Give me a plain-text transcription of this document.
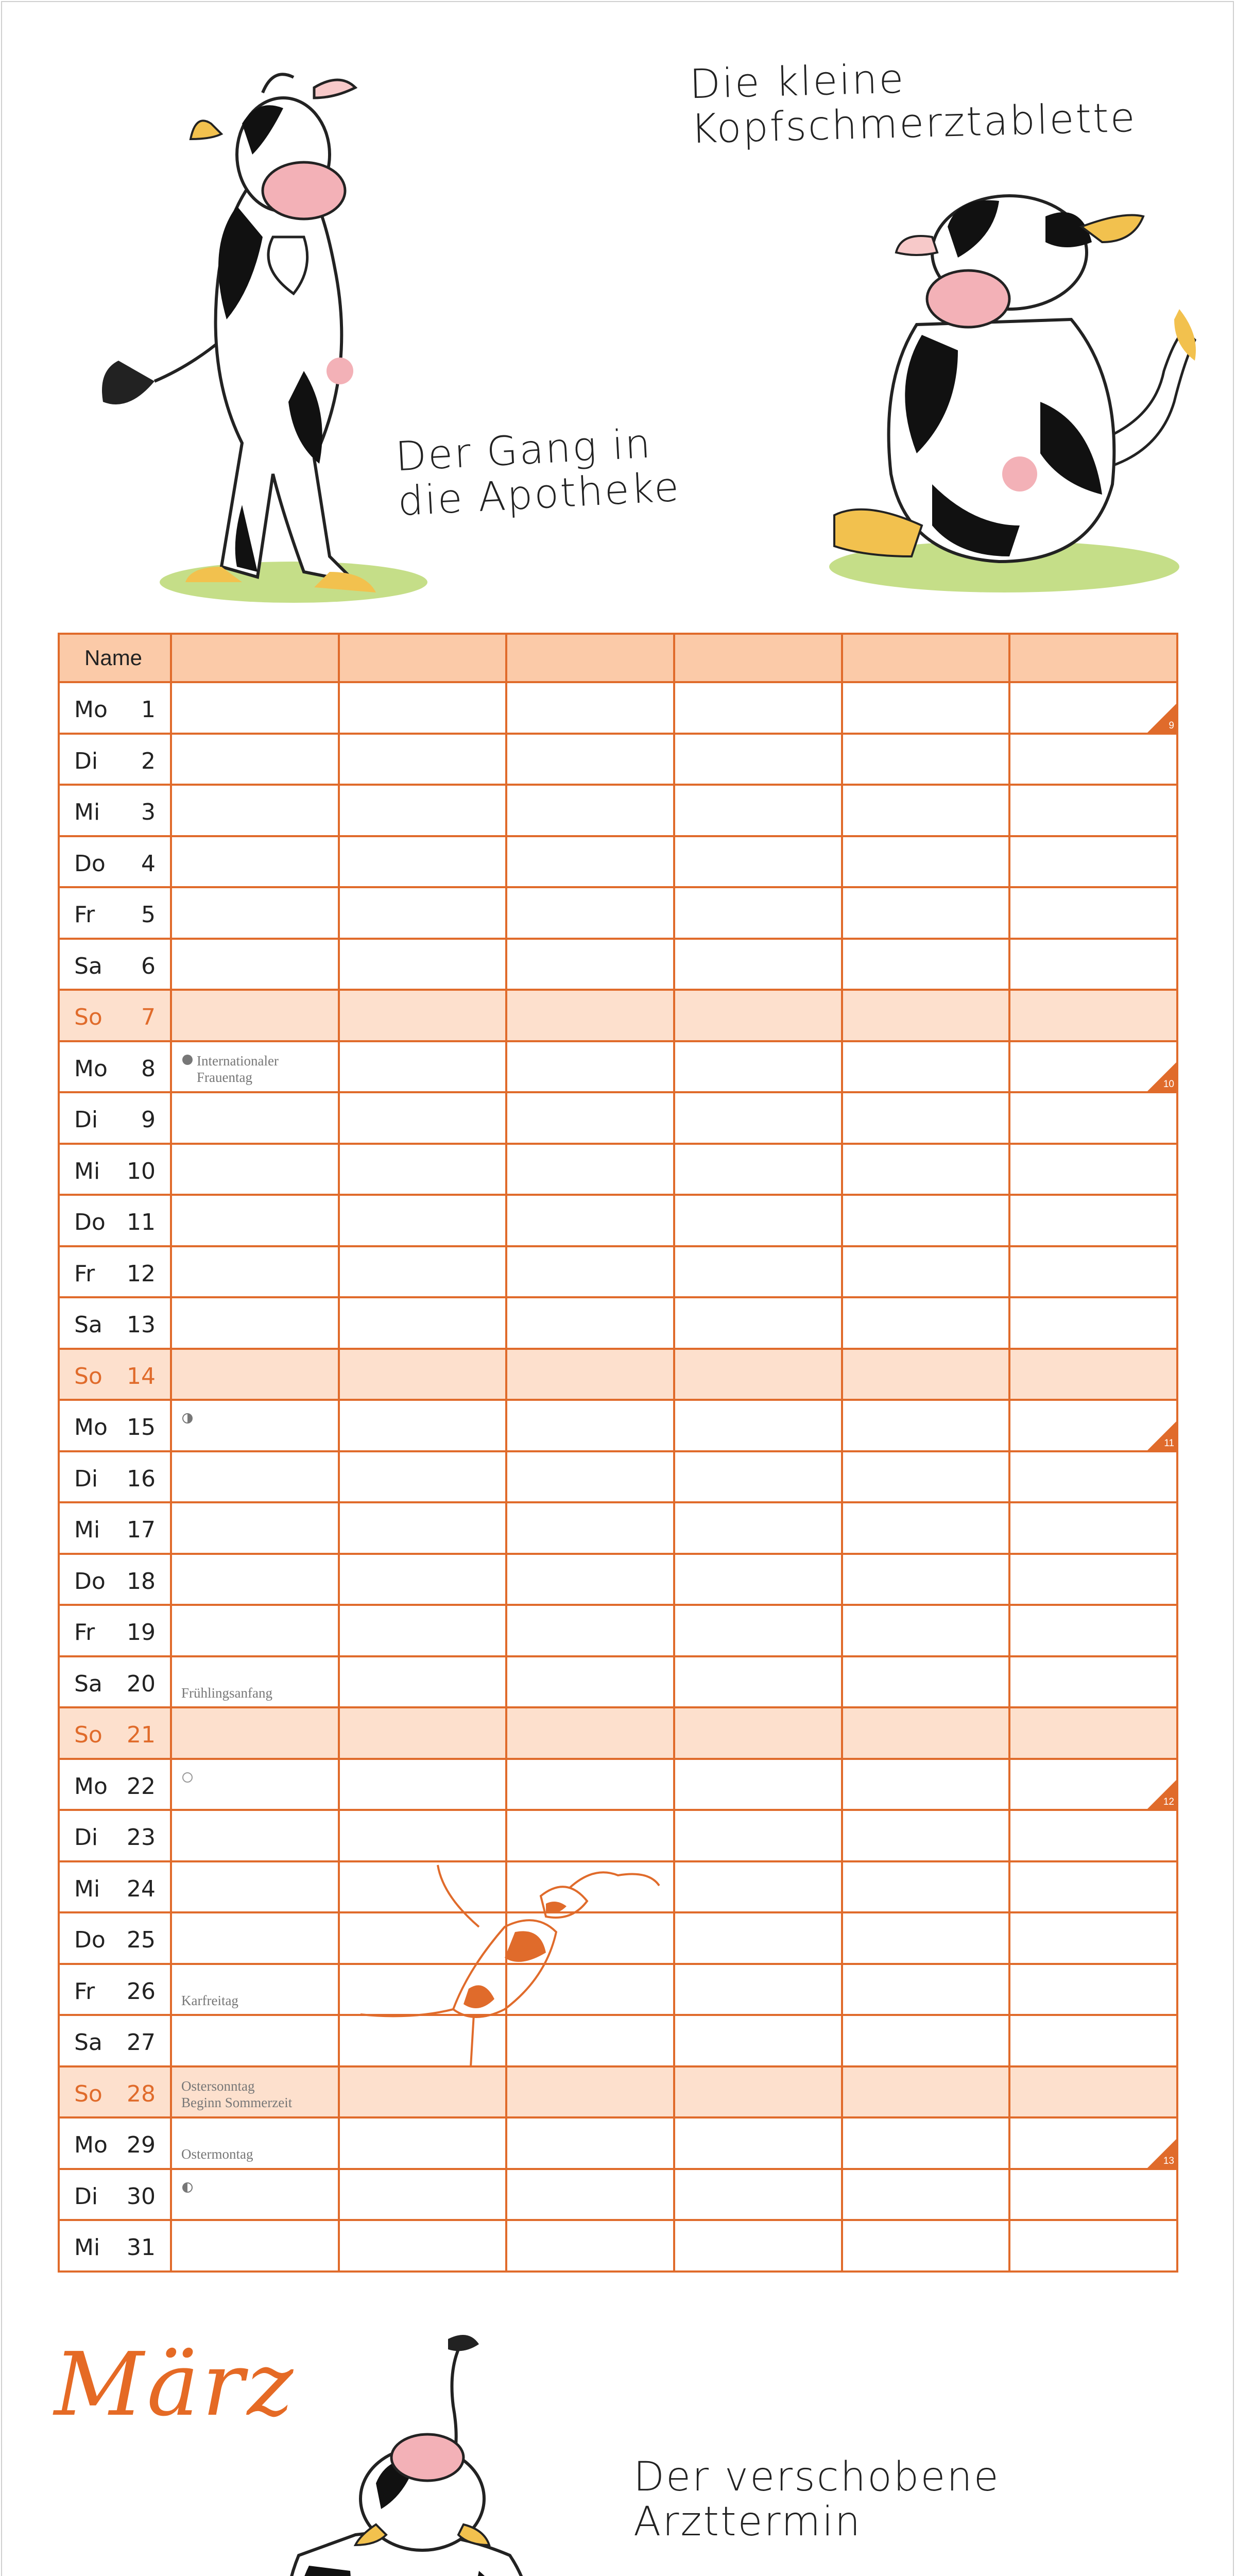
Die kleine
Kopfschmerztablette
Der Gang in
die Apotheke
Der verschobene Arzttermin
März
Name						

Mo 1						9

Di 2						

Mi 3						

Do 4						

Fr 5						

Sa 6						

So 7						

Mo 8	Internationaler
Frauentag					10

Di 9						

Mi 10						

Do 11						

Fr 12						

Sa 13						

So 14						

Mo 15						11

Di 16						

Mi 17						

Do 18						

Fr 19						

Sa 20	Frühlingsanfang					

So 21						

Mo 22						12

Di 23						

Mi 24						

Do 25						

Fr 26	Karfreitag					

Sa 27						

So 28	Ostersonntag
Beginn Sommerzeit					

Mo 29	Ostermontag					13

Di 30						

Mi 31						
